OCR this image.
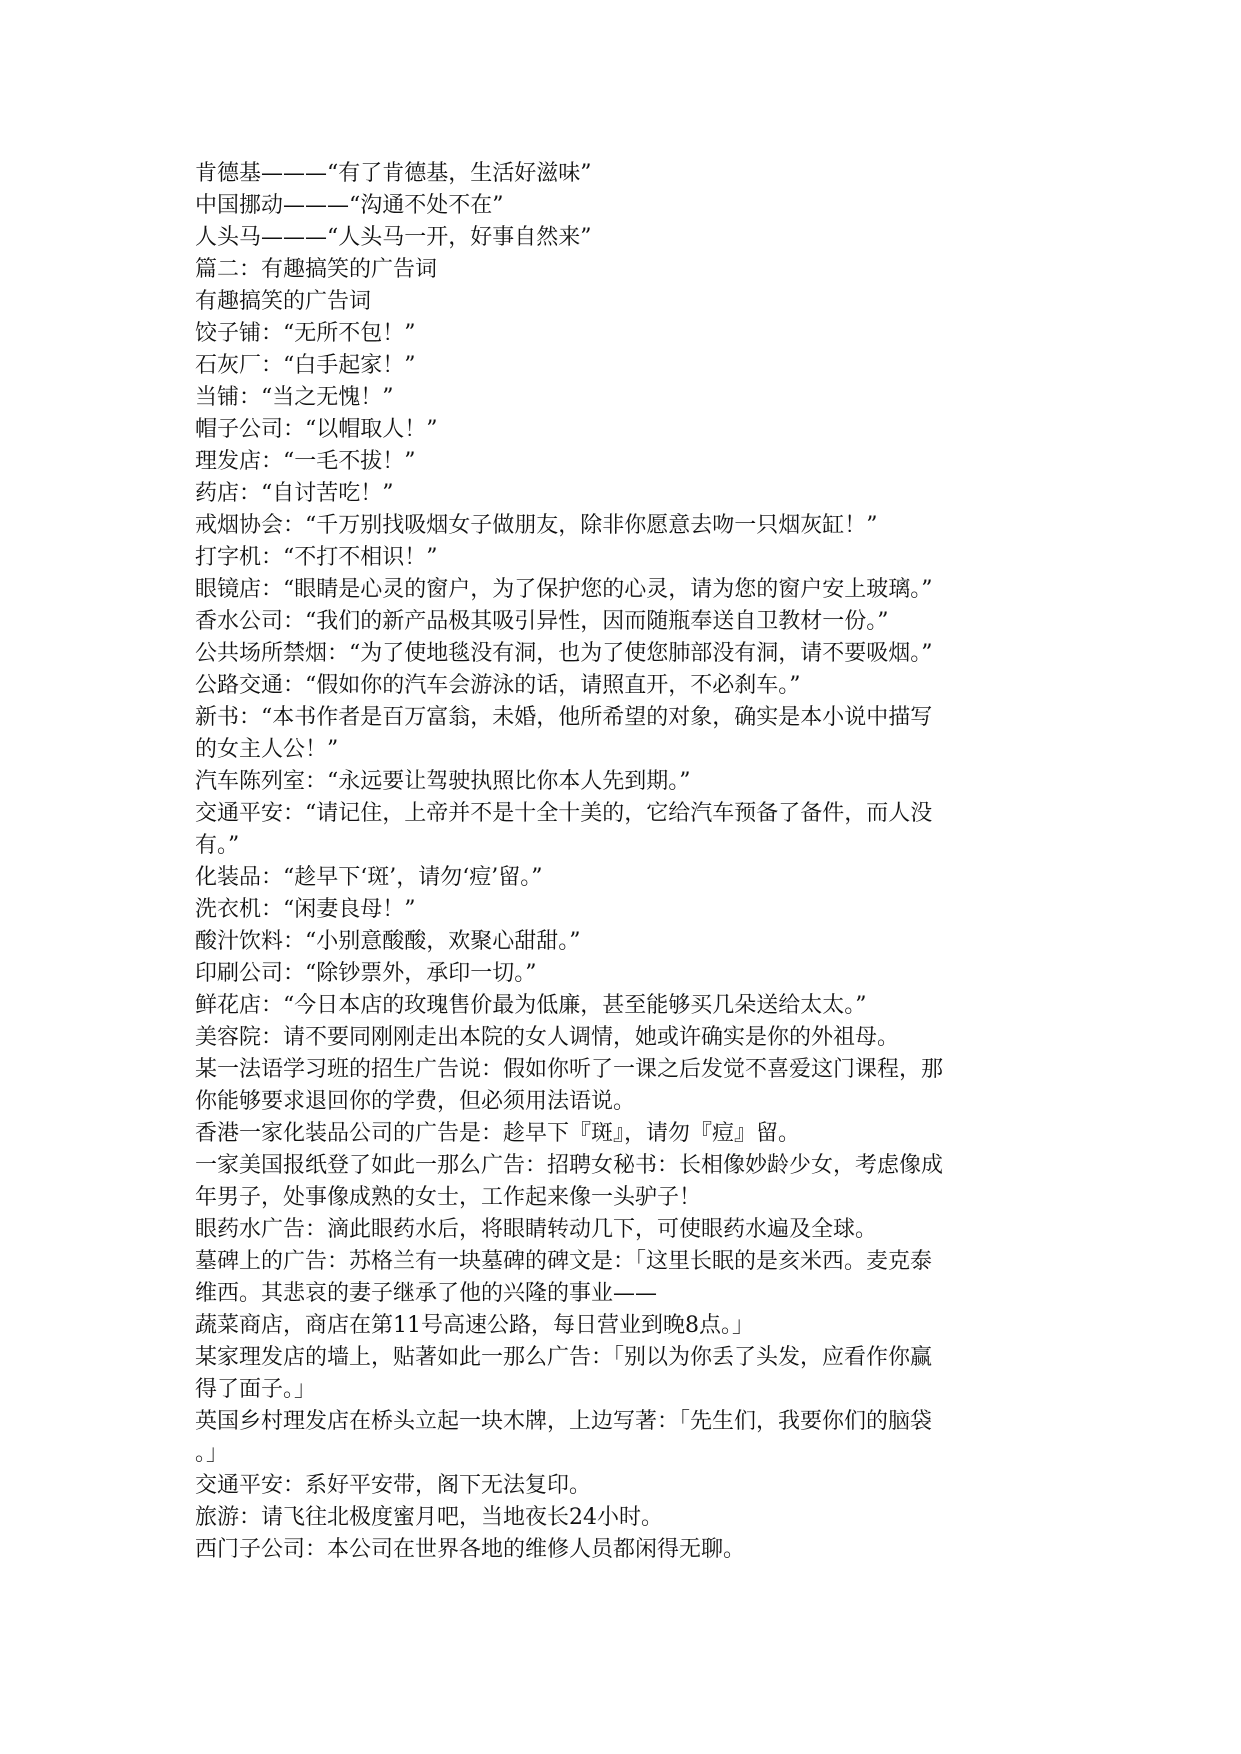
肯德基———“有了肯德基，生活好滋味”

中国挪动———“沟通不处不在”

人头马———“人头马一开，好事自然来”

篇二：有趣搞笑的广告词

有趣搞笑的广告词

饺子铺：“无所不包！”

石灰厂：“白手起家！”

当铺：“当之无愧！”

帽子公司：“以帽取人！”

理发店：“一毛不拔！”

药店：“自讨苦吃！”

戒烟协会：“千万别找吸烟女子做朋友，除非你愿意去吻一只烟灰缸！”

打字机：“不打不相识！”

眼镜店：“眼睛是心灵的窗户，为了保护您的心灵，请为您的窗户安上玻璃。”

香水公司：“我们的新产品极其吸引异性，因而随瓶奉送自卫教材一份。”

公共场所禁烟：“为了使地毯没有洞，也为了使您肺部没有洞，请不要吸烟。”

公路交通：“假如你的汽车会游泳的话，请照直开，不必刹车。”

新书：“本书作者是百万富翁，未婚，他所希望的对象，确实是本小说中描写

的女主人公！”

汽车陈列室：“永远要让驾驶执照比你本人先到期。”

交通平安：“请记住，上帝并不是十全十美的，它给汽车预备了备件，而人没

有。”

化装品：“趁早下‘斑’，请勿‘痘’留。”

洗衣机：“闲妻良母！”

酸汁饮料：“小别意酸酸，欢聚心甜甜。”

印刷公司：“除钞票外，承印一切。”

鲜花店：“今日本店的玫瑰售价最为低廉，甚至能够买几朵送给太太。”

美容院：请不要同刚刚走出本院的女人调情，她或许确实是你的外祖母。

某一法语学习班的招生广告说：假如你听了一课之后发觉不喜爱这门课程，那

你能够要求退回你的学费，但必须用法语说。

香港一家化装品公司的广告是：趁早下『斑』，请勿『痘』留。

一家美国报纸登了如此一那么广告：招聘女秘书：长相像妙龄少女，考虑像成

年男子，处事像成熟的女士，工作起来像一头驴子！

眼药水广告：滴此眼药水后，将眼睛转动几下，可使眼药水遍及全球。

墓碑上的广告：苏格兰有一块墓碑的碑文是：「这里长眠的是亥米西。麦克泰

维西。其悲哀的妻子继承了他的兴隆的事业——

蔬菜商店，商店在第11号高速公路，每日营业到晚8点。」

某家理发店的墙上，贴著如此一那么广告：「别以为你丢了头发，应看作你赢

得了面子。」

英国乡村理发店在桥头立起一块木牌，上边写著：「先生们，我要你们的脑袋

。」

交通平安：系好平安带，阁下无法复印。

旅游：请飞往北极度蜜月吧，当地夜长24小时。

西门子公司：本公司在世界各地的维修人员都闲得无聊。
